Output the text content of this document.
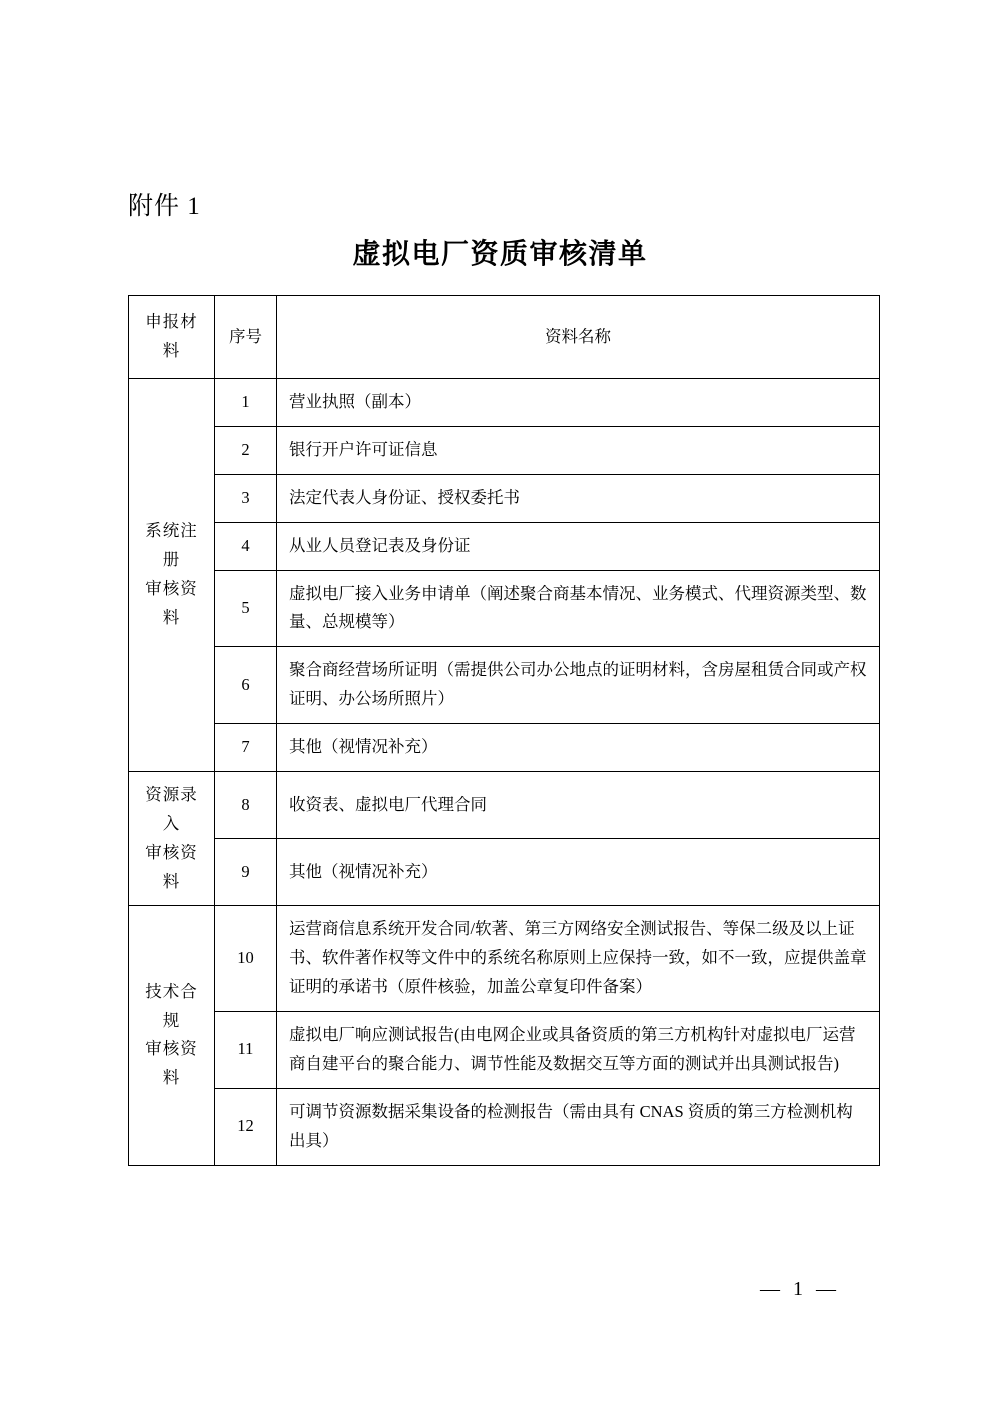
附件 1
虚拟电厂资质审核清单
申报材料	序号	资料名称

系统注册
审核资料	1	营业执照（副本）
	2	银行开户许可证信息
	3	法定代表人身份证、授权委托书
	4	从业人员登记表及身份证
	5	虚拟电厂接入业务申请单（阐述聚合商基本情况、业务模式、代理资源类型、数量、总规模等）
	6	聚合商经营场所证明（需提供公司办公地点的证明材料，含房屋租赁合同或产权证明、办公场所照片）
	7	其他（视情况补充）

资源录入
审核资料	8	收资表、虚拟电厂代理合同
	9	其他（视情况补充）

技术合规
审核资料	10	运营商信息系统开发合同/软著、第三方网络安全测试报告、等保二级及以上证书、软件著作权等文件中的系统名称原则上应保持一致，如不一致，应提供盖章证明的承诺书（原件核验，加盖公章复印件备案）
	11	虚拟电厂响应测试报告(由电网企业或具备资质的第三方机构针对虚拟电厂运营商自建平台的聚合能力、调节性能及数据交互等方面的测试并出具测试报告)
	12	可调节资源数据采集设备的检测报告（需由具有 CNAS 资质的第三方检测机构出具）
— 1 —
